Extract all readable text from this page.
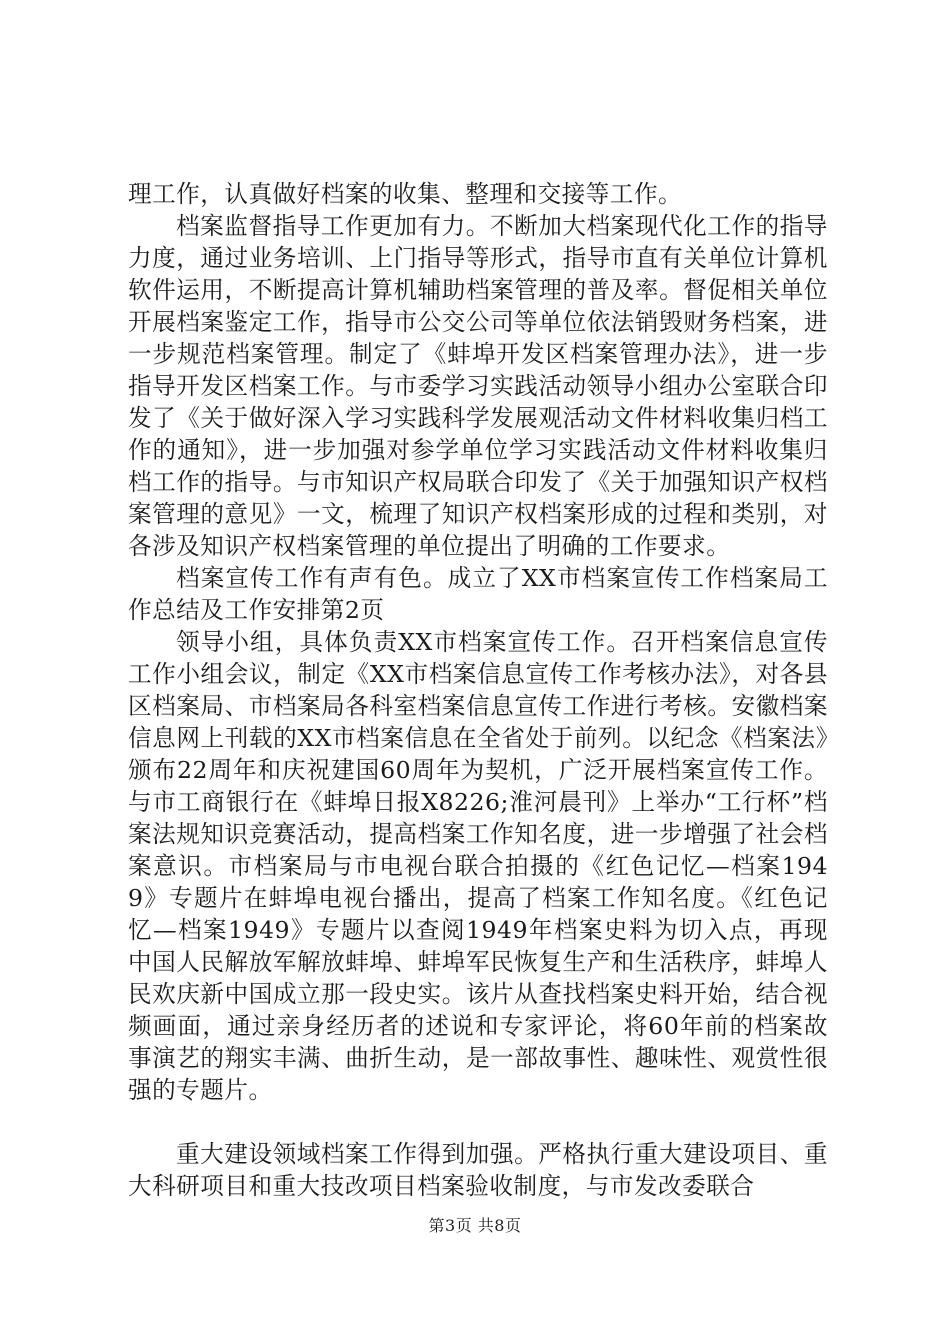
理工作，认真做好档案的收集、整理和交接等工作。

档案监督指导工作更加有力。不断加大档案现代化工作的指导力度，通过业务培训、上门指导等形式，指导市直有关单位计算机软件运用，不断提高计算机辅助档案管理的普及率。督促相关单位开展档案鉴定工作，指导市公交公司等单位依法销毁财务档案，进一步规范档案管理。制定了《蚌埠开发区档案管理办法》，进一步指导开发区档案工作。与市委学习实践活动领导小组办公室联合印发了《关于做好深入学习实践科学发展观活动文件材料收集归档工作的通知》，进一步加强对参学单位学习实践活动文件材料收集归档工作的指导。与市知识产权局联合印发了《关于加强知识产权档案管理的意见》一文，梳理了知识产权档案形成的过程和类别，对各涉及知识产权档案管理的单位提出了明确的工作要求。

档案宣传工作有声有色。成立了XX市档案宣传工作档案局工作总结及工作安排第2页

领导小组，具体负责XX市档案宣传工作。召开档案信息宣传工作小组会议，制定《XX市档案信息宣传工作考核办法》，对各县区档案局、市档案局各科室档案信息宣传工作进行考核。安徽档案信息网上刊载的XX市档案信息在全省处于前列。以纪念《档案法》颁布22周年和庆祝建国60周年为契机，广泛开展档案宣传工作。与市工商银行在《蚌埠日报X8226;淮河晨刊》上举办“工行杯”档案法规知识竞赛活动，提高档案工作知名度，进一步增强了社会档案意识。市档案局与市电视台联合拍摄的《红色记忆—档案1949》专题片在蚌埠电视台播出，提高了档案工作知名度。《红色记忆—档案1949》专题片以查阅1949年档案史料为切入点，再现中国人民解放军解放蚌埠、蚌埠军民恢复生产和生活秩序，蚌埠人民欢庆新中国成立那一段史实。该片从查找档案史料开始，结合视频画面，通过亲身经历者的述说和专家评论，将60年前的档案故事演艺的翔实丰满、曲折生动，是一部故事性、趣味性、观赏性很强的专题片。

重大建设领域档案工作得到加强。严格执行重大建设项目、重大科研项目和重大技改项目档案验收制度，与市发改委联合

第3页 共8页
